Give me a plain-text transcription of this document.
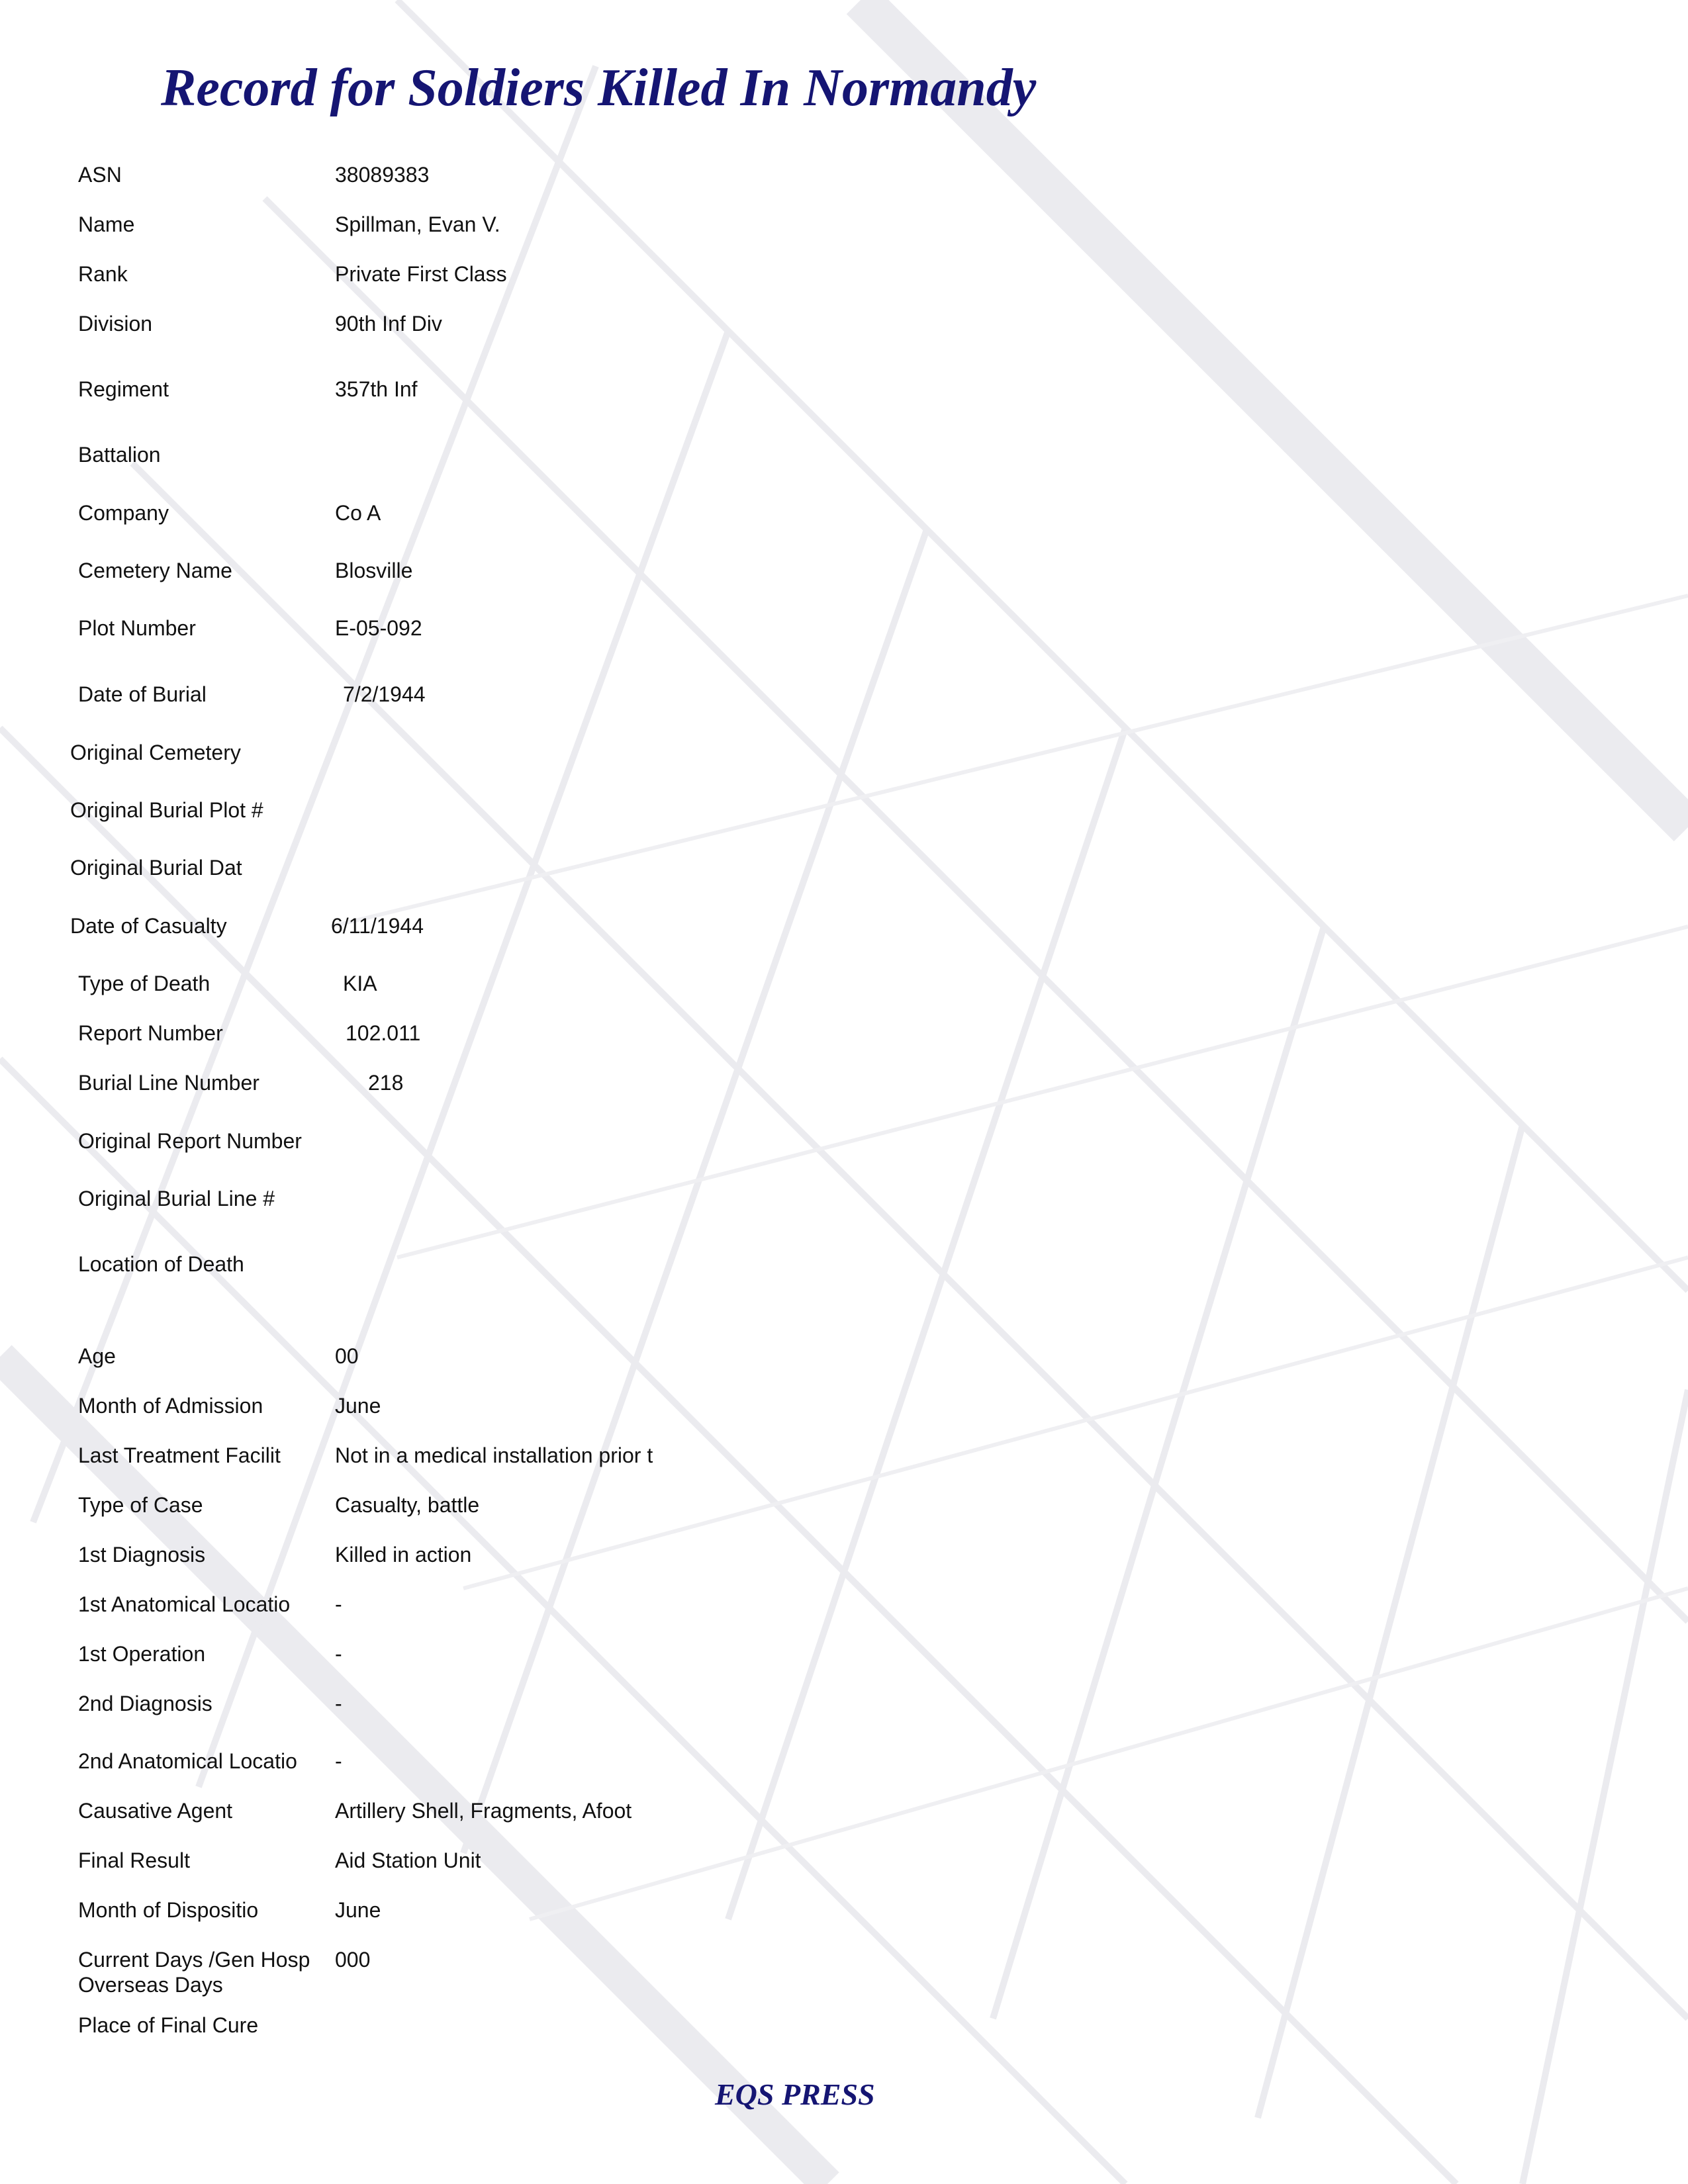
Record for Soldiers Killed In Normandy
ASN	38089383
Name	Spillman, Evan V.
Rank	Private First Class
Division	90th Inf Div
Regiment	357th Inf
Battalion
Company	Co A
Cemetery Name	Blosville
Plot Number	E-05-092
Date of Burial	7/2/1944
Original Cemetery
Original Burial Plot #
Original Burial Dat
Date of Casualty	6/11/1944
Type of Death	KIA
Report Number	102.011
Burial Line Number	218
Original Report Number
Original Burial Line #
Location of Death
Age	00
Month of Admission	June
Last Treatment Facilit	Not in a medical installation prior t
Type of Case	Casualty, battle
1st Diagnosis	Killed in action
1st Anatomical Locatio -
1st Operation	-
2nd Diagnosis	-
2nd Anatomical Locatio -
Causative Agent	Artillery Shell, Fragments, Afoot
Final Result	Aid Station Unit
Month of Dispositio	June
Current Days /Gen Hosp 000
Overseas Days
Place of Final Cure
EQS PRESS
